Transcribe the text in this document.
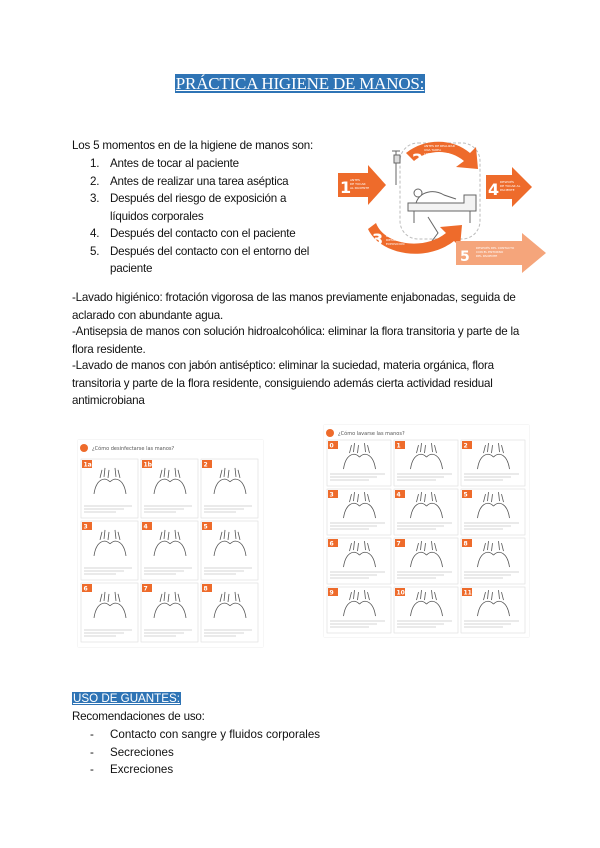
PRÁCTICA HIGIENE DE MANOS:
Los 5 momentos en de la higiene de manos son:
1. Antes de tocar al paciente
2. Antes de realizar una tarea aséptica
3. Después del riesgo de exposición a líquidos corporales
4. Después del contacto con el paciente
5. Después del contacto con el entorno del paciente
1
2
3
4
5
ANTES DE TOCAR AL PACIENTE
ANTES DE REALIZAR UNA TAREA LIMPIA/ASÉPTICA
DESPUÉS DEL RIESGO DE EXPOSICIÓN
DESPUÉS DE TOCAR AL PACIENTE
DESPUÉS DEL CONTACTO CON EL ENTORNO DEL PACIENTE
-Lavado higiénico: frotación vigorosa de las manos previamente enjabonadas, seguida de aclarado con abundante agua.
-Antisepsia de manos con solución hidroalcohólica: eliminar la flora transitoria y parte de la flora residente.
-Lavado de manos con jabón antiséptico: eliminar la suciedad, materia orgánica, flora transitoria y parte de la flora residente, consiguiendo además cierta actividad residual antimicrobiana
¿Cómo desinfectarse las manos?
1a	1b	2
3	4	5
6	7	8

¿Cómo lavarse las manos?
0	1	2
3	4	5
6	7	8
9	10	11
USO DE GUANTES:
Recomendaciones de uso:
- Contacto con sangre y fluidos corporales
- Secreciones
- Excreciones
